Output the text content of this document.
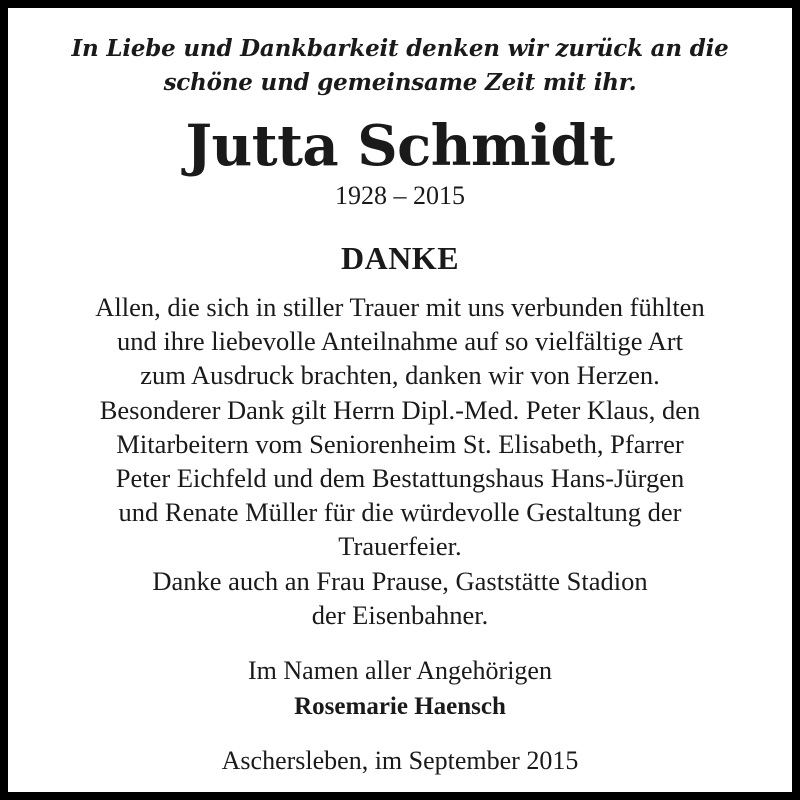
In Liebe und Dankbarkeit denken wir zurück an die
schöne und gemeinsame Zeit mit ihr.
Jutta Schmidt
1928 – 2015
DANKE
Allen, die sich in stiller Trauer mit uns verbunden fühlten
und ihre liebevolle Anteilnahme auf so vielfältige Art
zum Ausdruck brachten, danken wir von Herzen.
Besonderer Dank gilt Herrn Dipl.-Med. Peter Klaus, den
Mitarbeitern vom Seniorenheim St. Elisabeth, Pfarrer
Peter Eichfeld und dem Bestattungshaus Hans-Jürgen
und Renate Müller für die würdevolle Gestaltung der
Trauerfeier.
Danke auch an Frau Prause, Gaststätte Stadion
der Eisenbahner.
Im Namen aller Angehörigen
Rosemarie Haensch
Aschersleben, im September 2015
